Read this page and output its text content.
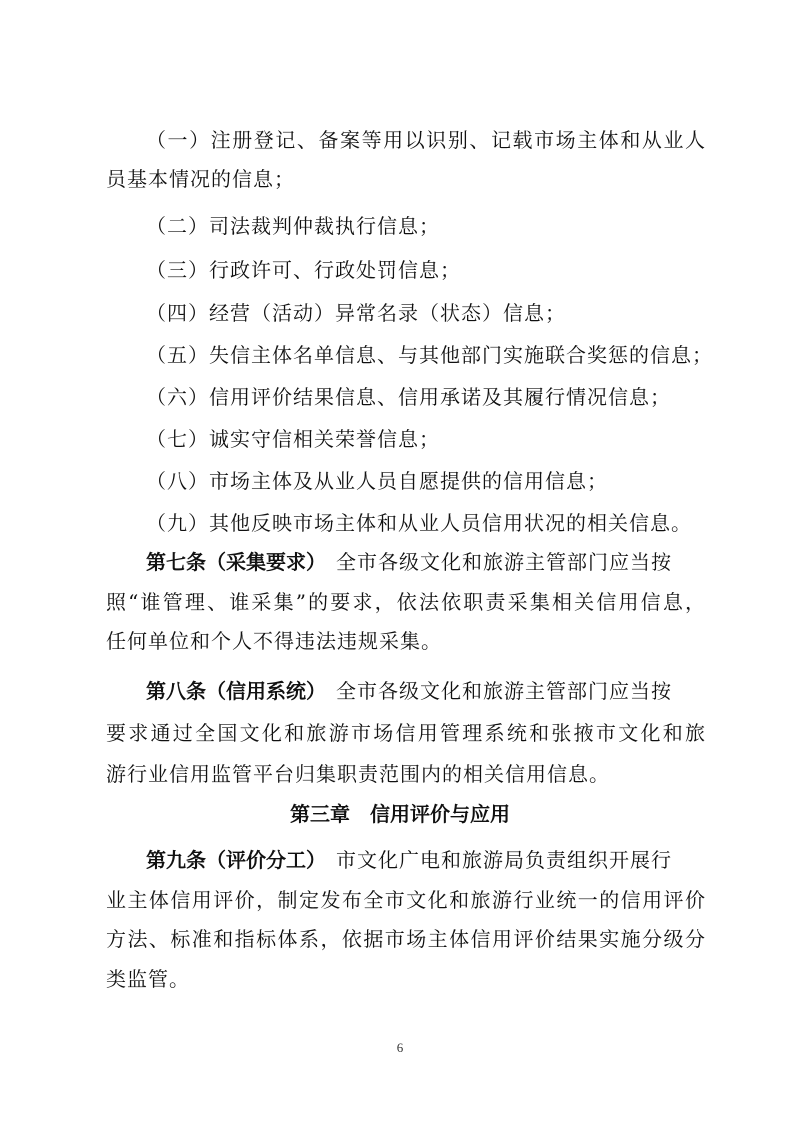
（一）注册登记、备案等用以识别、记载市场主体和从业人
员基本情况的信息；
（二）司法裁判仲裁执行信息；
（三）行政许可、行政处罚信息；
（四）经营（活动）异常名录（状态）信息；
（五）失信主体名单信息、与其他部门实施联合奖惩的信息；
（六）信用评价结果信息、信用承诺及其履行情况信息；
（七）诚实守信相关荣誉信息；
（八）市场主体及从业人员自愿提供的信用信息；
（九）其他反映市场主体和从业人员信用状况的相关信息。
第七条（采集要求） 全市各级文化和旅游主管部门应当按
照“谁管理、谁采集”的要求，依法依职责采集相关信用信息，
任何单位和个人不得违法违规采集。
第八条（信用系统） 全市各级文化和旅游主管部门应当按
要求通过全国文化和旅游市场信用管理系统和张掖市文化和旅
游行业信用监管平台归集职责范围内的相关信用信息。
第三章　信用评价与应用
第九条（评价分工） 市文化广电和旅游局负责组织开展行
业主体信用评价，制定发布全市文化和旅游行业统一的信用评价
方法、标准和指标体系，依据市场主体信用评价结果实施分级分
类监管。
6
